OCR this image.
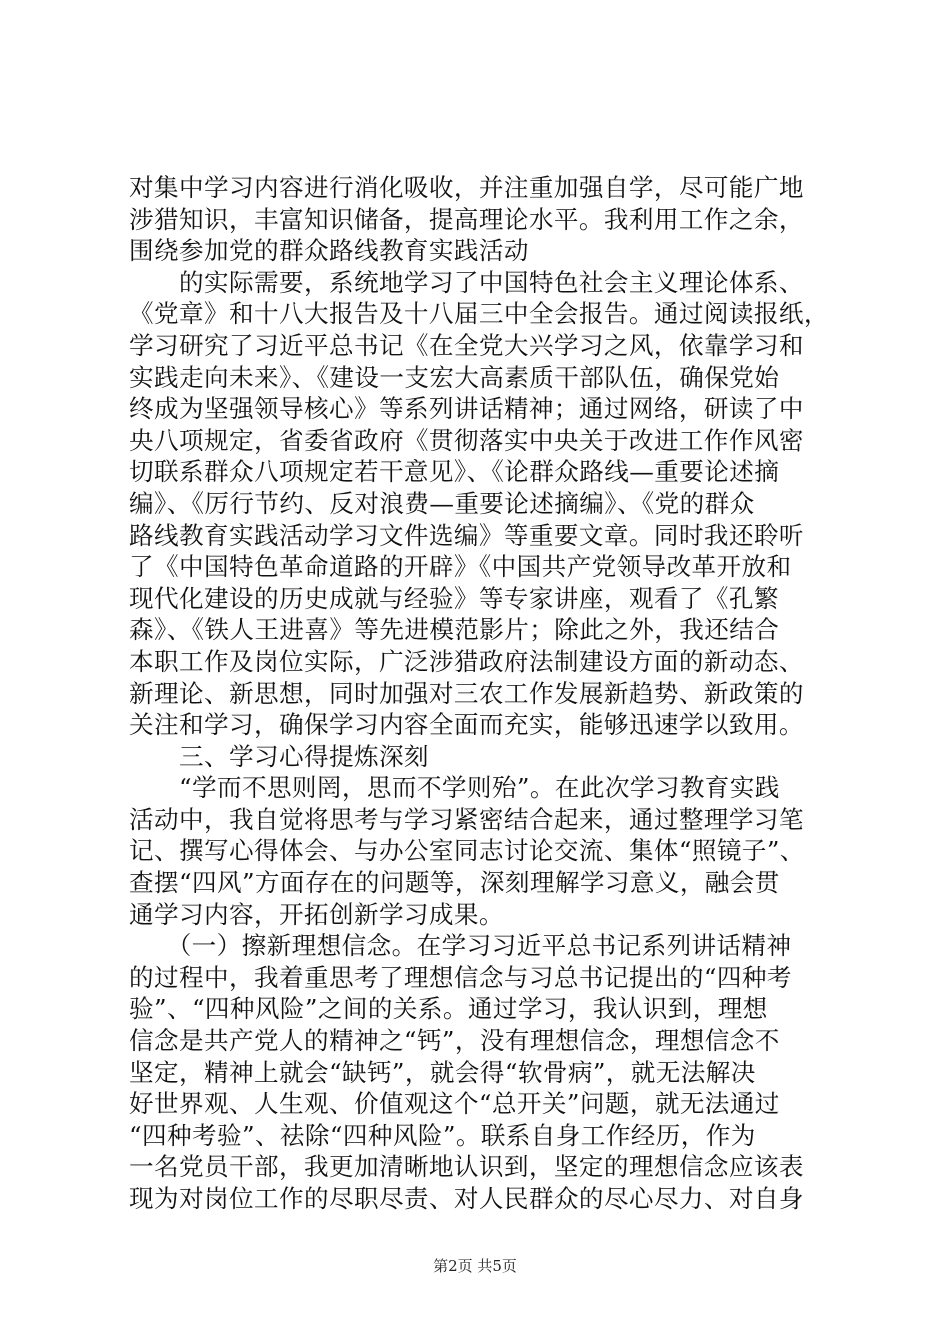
对集中学习内容进行消化吸收，并注重加强自学，尽可能广地
涉猎知识，丰富知识储备，提高理论水平。我利用工作之余，
围绕参加党的群众路线教育实践活动
　　的实际需要，系统地学习了中国特色社会主义理论体系、
《党章》和十八大报告及十八届三中全会报告。通过阅读报纸，
学习研究了习近平总书记《在全党大兴学习之风，依靠学习和
实践走向未来》、《建设一支宏大高素质干部队伍，确保党始
终成为坚强领导核心》等系列讲话精神；通过网络，研读了中
央八项规定，省委省政府《贯彻落实中央关于改进工作作风密
切联系群众八项规定若干意见》、《论群众路线—重要论述摘
编》、《厉行节约、反对浪费—重要论述摘编》、《党的群众
路线教育实践活动学习文件选编》等重要文章。同时我还聆听
了《中国特色革命道路的开辟》《中国共产党领导改革开放和
现代化建设的历史成就与经验》等专家讲座，观看了《孔繁
森》、《铁人王进喜》等先进模范影片；除此之外，我还结合
本职工作及岗位实际，广泛涉猎政府法制建设方面的新动态、
新理论、新思想，同时加强对三农工作发展新趋势、新政策的
关注和学习，确保学习内容全面而充实，能够迅速学以致用。
　　三、学习心得提炼深刻
　　“学而不思则罔，思而不学则殆”。在此次学习教育实践
活动中，我自觉将思考与学习紧密结合起来，通过整理学习笔
记、撰写心得体会、与办公室同志讨论交流、集体“照镜子”、
查摆“四风”方面存在的问题等，深刻理解学习意义，融会贯
通学习内容，开拓创新学习成果。
　　（一）擦新理想信念。在学习习近平总书记系列讲话精神
的过程中，我着重思考了理想信念与习总书记提出的“四种考
验”、“四种风险”之间的关系。通过学习，我认识到，理想
信念是共产党人的精神之“钙”，没有理想信念，理想信念不
坚定，精神上就会“缺钙”，就会得“软骨病”，就无法解决
好世界观、人生观、价值观这个“总开关”问题，就无法通过
“四种考验”、祛除“四种风险”。联系自身工作经历，作为
一名党员干部，我更加清晰地认识到，坚定的理想信念应该表
现为对岗位工作的尽职尽责、对人民群众的尽心尽力、对自身
第2页 共5页
